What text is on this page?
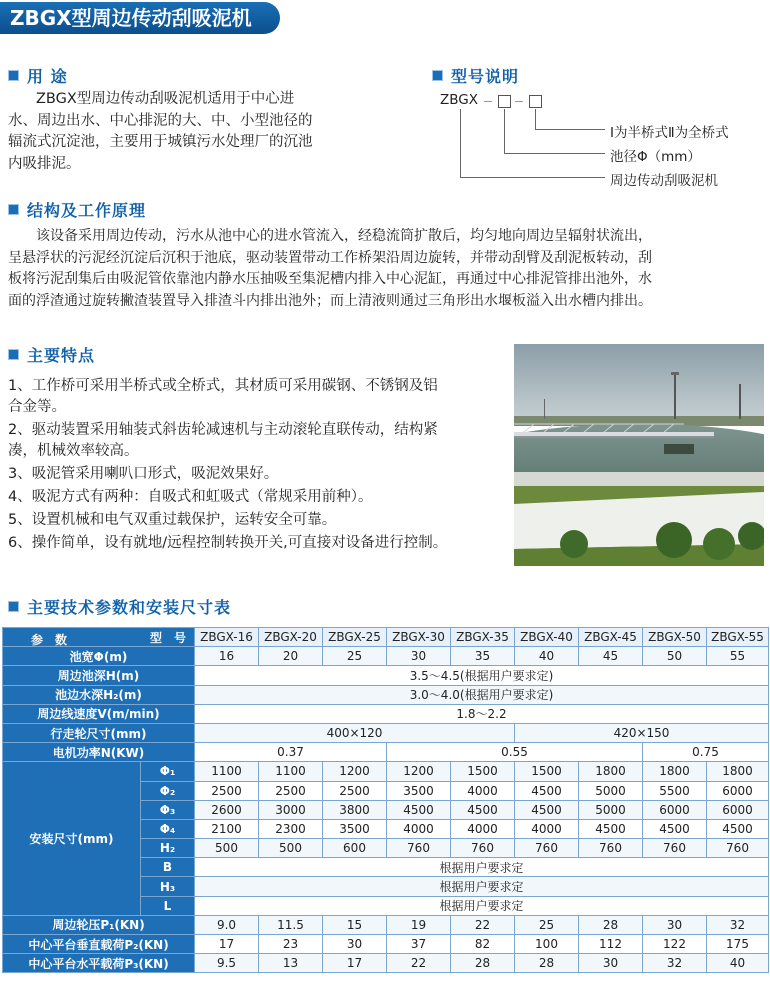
ZBGX型周边传动刮吸泥机
用 途
ZBGX型周边传动刮吸泥机适用于中心进
水、周边出水、中心排泥的大、中、小型池径的
辐流式沉淀池，主要用于城镇污水处理厂的沉池
内吸排泥。
型号说明
ZBGX
Ⅰ为半桥式Ⅱ为全桥式
池径Φ（mm）
周边传动刮吸泥机
结构及工作原理
该设备采用周边传动，污水从池中心的进水管流入，经稳流筒扩散后，均匀地向周边呈辐射状流出，
呈悬浮状的污泥经沉淀后沉积于池底，驱动装置带动工作桥架沿周边旋转，并带动刮臂及刮泥板转动，刮
板将污泥刮集后由吸泥管依靠池内静水压抽吸至集泥槽内排入中心泥缸，再通过中心排泥管排出池外，水
面的浮渣通过旋转撇渣装置导入排渣斗内排出池外；而上清液则通过三角形出水堰板溢入出水槽内排出。
主要特点
1、工作桥可采用半桥式或全桥式，其材质可采用碳钢、不锈钢及铝
合金等。
2、驱动装置采用轴装式斜齿轮减速机与主动滚轮直联传动，结构紧
凑，机械效率较高。
3、吸泥管采用喇叭口形式，吸泥效果好。
4、吸泥方式有两种：自吸式和虹吸式（常规采用前种）。
5、设置机械和电气双重过载保护，运转安全可靠。
6、操作简单，设有就地/远程控制转换开关,可直接对设备进行控制。
主要技术参数和安装尺寸表
参　数 型　号		ZBGX-16	ZBGX-20	ZBGX-25	ZBGX-30	ZBGX-35	ZBGX-40	ZBGX-45	ZBGX-50	ZBGX-55
池宽Φ(m)		16	20	25	30	35	40	45	50	55
周边池深H(m)		3.5～4.5(根据用户要求定)								
池边水深H₂(m)		3.0～4.0(根据用户要求定)								
周边线速度V(m/min)		1.8～2.2								
行走轮尺寸(mm)		400×120					420×150			
电机功率N(KW)		0.37			0.55				0.75	
安装尺寸(mm)	Φ₁	1100	1100	1200	1200	1500	1500	1800	1800	1800
	Φ₂	2500	2500	2500	3500	4000	4500	5000	5500	6000
	Φ₃	2600	3000	3800	4500	4500	4500	5000	6000	6000
	Φ₄	2100	2300	3500	4000	4000	4000	4500	4500	4500
	H₂	500	500	600	760	760	760	760	760	760
	B	根据用户要求定								
	H₃	根据用户要求定								
	L	根据用户要求定								
周边轮压P₁(KN)		9.0	11.5	15	19	22	25	28	30	32
中心平台垂直载荷P₂(KN)		17	23	30	37	82	100	112	122	175
中心平台水平载荷P₃(KN)		9.5	13	17	22	28	28	30	32	40
